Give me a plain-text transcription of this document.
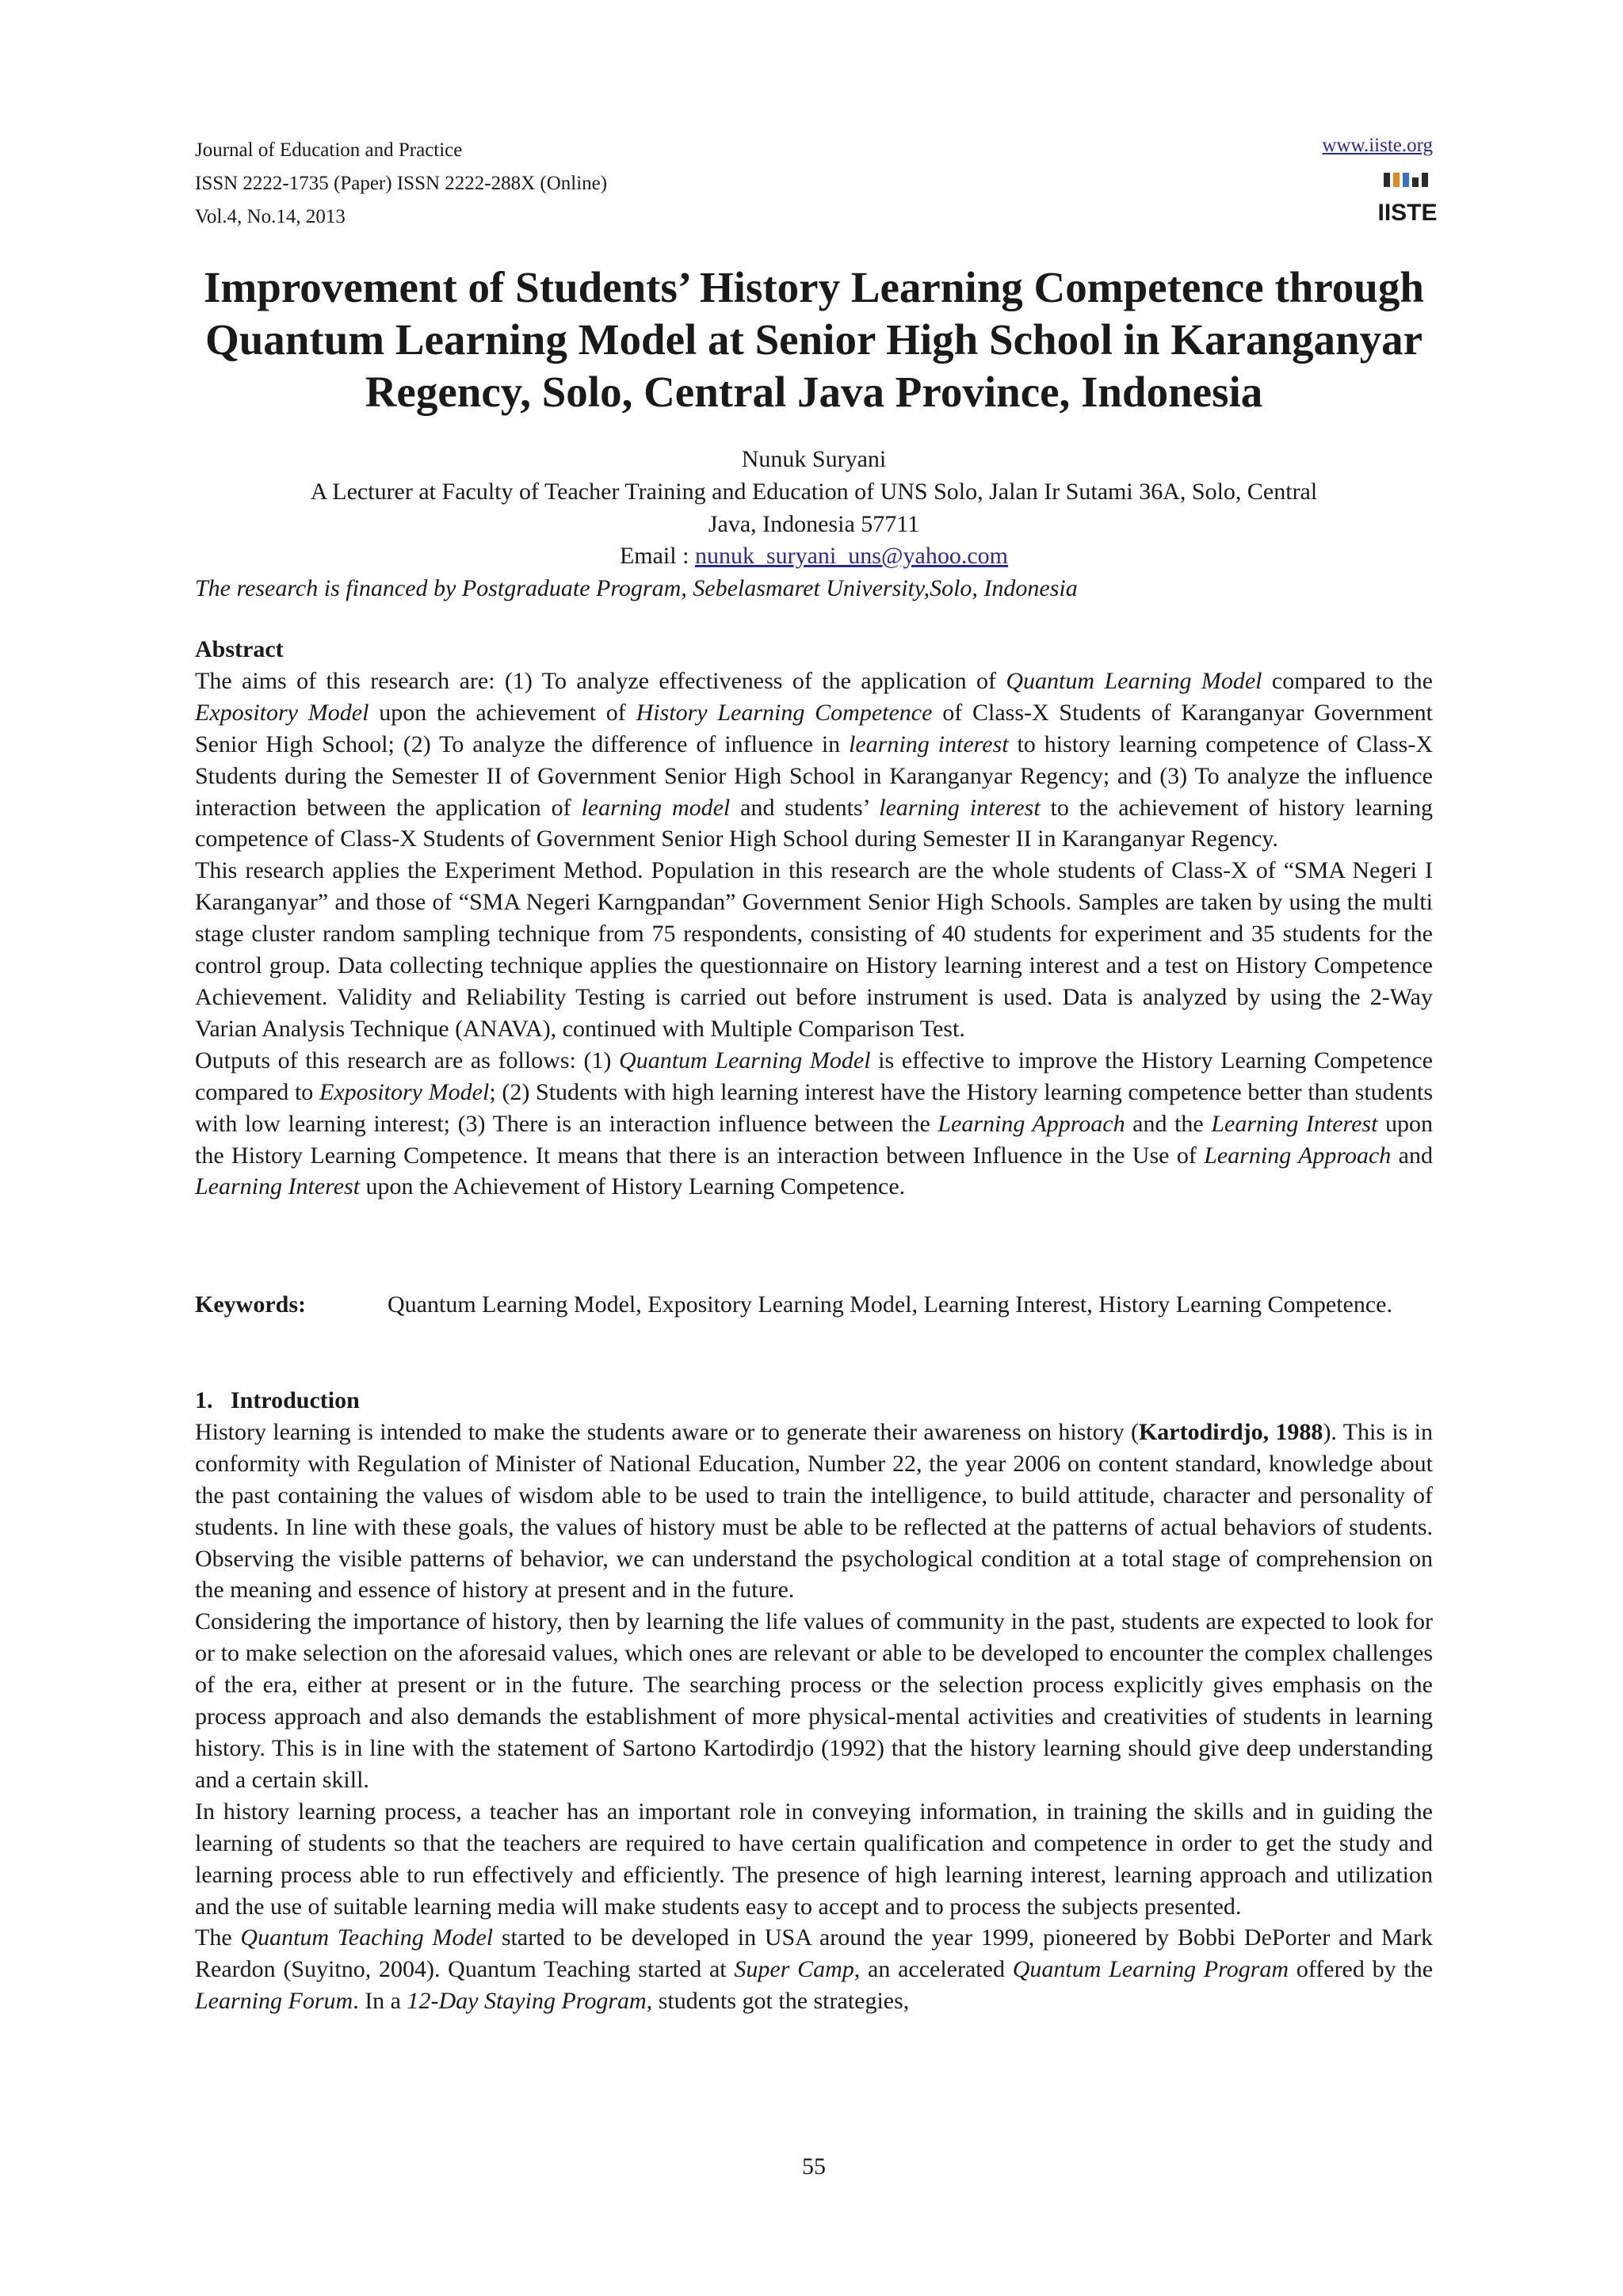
Journal of Education and Practice
ISSN 2222-1735 (Paper) ISSN 2222-288X (Online)
Vol.4, No.14, 2013
www.iiste.org
IISTE
Improvement of Students’ History Learning Competence through
Quantum Learning Model at Senior High School in Karanganyar
Regency, Solo, Central Java Province, Indonesia
Nunuk Suryani
A Lecturer at Faculty of Teacher Training and Education of UNS Solo, Jalan Ir Sutami 36A, Solo, Central
Java, Indonesia 57711
Email : nunuk_suryani_uns@yahoo.com
The research is financed by Postgraduate Program, Sebelasmaret University,Solo, Indonesia

Abstract

The aims of this research are: (1) To analyze effectiveness of the application of Quantum Learning Model compared to the Expository Model upon the achievement of History Learning Competence of Class-X Students of Karanganyar Government Senior High School; (2) To analyze the difference of influence in learning interest to history learning competence of Class-X Students during the Semester II of Government Senior High School in Karanganyar Regency; and (3) To analyze the influence interaction between the application of learning model and students’ learning interest to the achievement of history learning competence of Class-X Students of Government Senior High School during Semester II in Karanganyar Regency.

This research applies the Experiment Method. Population in this research are the whole students of Class-X of “SMA Negeri I Karanganyar” and those of “SMA Negeri Karngpandan” Government Senior High Schools. Samples are taken by using the multi stage cluster random sampling technique from 75 respondents, consisting of 40 students for experiment and 35 students for the control group. Data collecting technique applies the questionnaire on History learning interest and a test on History Competence Achievement. Validity and Reliability Testing is carried out before instrument is used. Data is analyzed by using the 2-Way Varian Analysis Technique (ANAVA), continued with Multiple Comparison Test.

Outputs of this research are as follows: (1) Quantum Learning Model is effective to improve the History Learning Competence compared to Expository Model; (2) Students with high learning interest have the History learning competence better than students with low learning interest; (3) There is an interaction influence between the Learning Approach and the Learning Interest upon the History Learning Competence. It means that there is an interaction between Influence in the Use of Learning Approach and Learning Interest upon the Achievement of History Learning Competence.

Keywords:	Quantum Learning Model, Expository Learning Model, Learning Interest, History Learning Competence.

1.   Introduction

History learning is intended to make the students aware or to generate their awareness on history (Kartodirdjo, 1988). This is in conformity with Regulation of Minister of National Education, Number 22, the year 2006 on content standard, knowledge about the past containing the values of wisdom able to be used to train the intelligence, to build attitude, character and personality of students. In line with these goals, the values of history must be able to be reflected at the patterns of actual behaviors of students. Observing the visible patterns of behavior, we can understand the psychological condition at a total stage of comprehension on the meaning and essence of history at present and in the future.

Considering the importance of history, then by learning the life values of community in the past, students are expected to look for or to make selection on the aforesaid values, which ones are relevant or able to be developed to encounter the complex challenges of the era, either at present or in the future. The searching process or the selection process explicitly gives emphasis on the process approach and also demands the establishment of more physical-mental activities and creativities of students in learning history. This is in line with the statement of Sartono Kartodirdjo (1992) that the history learning should give deep understanding and a certain skill.

In history learning process, a teacher has an important role in conveying information, in training the skills and in guiding the learning of students so that the teachers are required to have certain qualification and competence in order to get the study and learning process able to run effectively and efficiently. The presence of high learning interest, learning approach and utilization and the use of suitable learning media will make students easy to accept and to process the subjects presented.

The Quantum Teaching Model started to be developed in USA around the year 1999, pioneered by Bobbi DePorter and Mark Reardon (Suyitno, 2004). Quantum Teaching started at Super Camp, an accelerated Quantum Learning Program offered by the Learning Forum. In a 12-Day Staying Program, students got the strategies,

55
